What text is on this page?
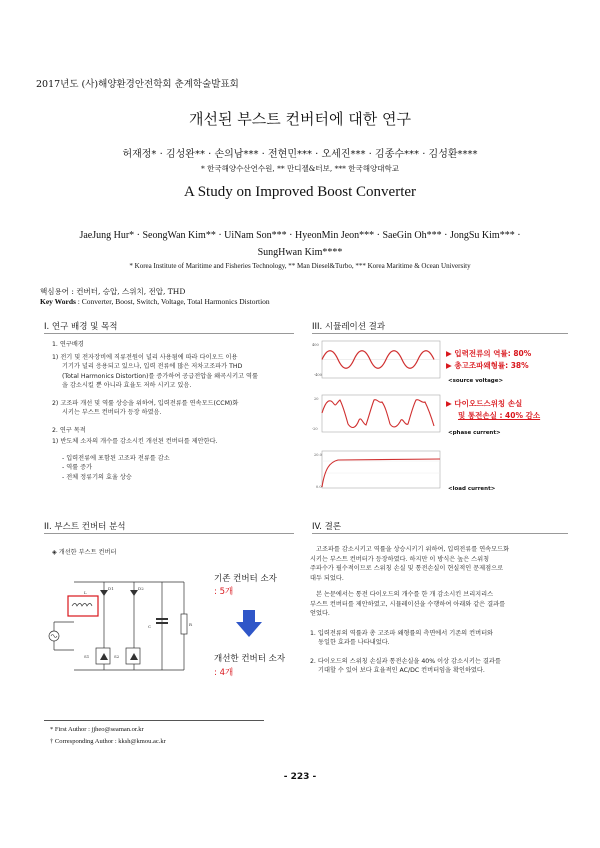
2017년도 (사)해양환경안전학회 춘계학술발표회
개선된 부스트 컨버터에 대한 연구
허재정* · 김성완** · 손의남*** · 전현민*** · 오세진*** · 김종수*** · 김성환****
* 한국해양수산연수원, ** 만디젤&터보, *** 한국해양대학교
A Study on Improved Boost Converter
JaeJung Hur* · SeongWan Kim** · UiNam Son*** · HyeonMin Jeon*** · SaeGin Oh*** · JongSu Kim*** ·
SungHwan Kim****
* Korea Institute of Maritime and Fisheries Technology, ** Man Diesel&Turbo, *** Korea Maritime & Ocean University
핵심용어 : 컨버터, 승압, 스위치, 전압, THD
Key Words : Converter, Boost, Switch, Voltage, Total Harmonics Distortion
I. 연구 배경 및 목적
1. 연구배경
1) 전기 및 전자장비에 직류전원이 널리 사용됨에 따라 다이오드 이용
기기가 널리 응용되고 있으나, 입력 전류에 많은 저차고조파가 THD
(Total Harmonics Distortion)를 증가하여 공급전압을 왜곡시키고 역률
을 감소시킬 뿐 아니라 효율도 저하 시키고 있음.
2) 고조파 개선 및 역률 상승을 위하여, 입력전류를 연속모드(CCM)화
시키는 부스트 컨버터가 등장 하였음.
2. 연구 목적
1) 반도체 소자의 개수를 감소시킨 개선된 컨버터를 제안한다.
- 입력전류에 포함된 고조파 전류를 감소
- 역률 증가
- 전체 정류기의 효율 상승
III. 시뮬레이션 결과
400
-400
<source voltage>
▶ 입력전류의 역률: 80%
▶ 총고조파왜형률: 38%
20
-20
<phase current>
▶ 다이오드스위칭 손실
및 통전손실 : 40% 감소
20.0
0.0	<load current>
II. 부스트 컨버터 분석
◈ 개선한 부스트 컨버터
L
D1	D2
C	R
S1	S2
기존 컨버터 소자
: 5개
개선한 컨버터 소자
: 4개
IV. 결론
고조파를 감소시키고 역률을 상승시키기 위하여, 입력전류를 연속모드화
시키는 부스트 컨버터가 등장하였다. 하지만 이 방식은 높은 스위칭
주파수가 필수적이므로 스위칭 손실 및 통전손실이 현실적인 문제점으로
대두 되었다.
본 논문에서는 통전 다이오드의 개수를 한 개 감소시킨 브리지리스
부스트 컨버터를 제안하였고, 시뮬레이션을 수행하여 아래와 같은 결과를
얻었다.
1. 입력전류의 역률과 총 고조파 왜형률의 측면에서 기존의 컨버터와
동일한 효과를 나타내었다.
2. 다이오드의 스위칭 손실과 통전손실을 40% 이상 감소시키는 결과를
기대할 수 있어 보다 효율적인 AC/DC 컨버터임을 확인하였다.
* First Author : jjheo@seaman.or.kr
† Corresponding Author : kksh@kmou.ac.kr
- 223 -
